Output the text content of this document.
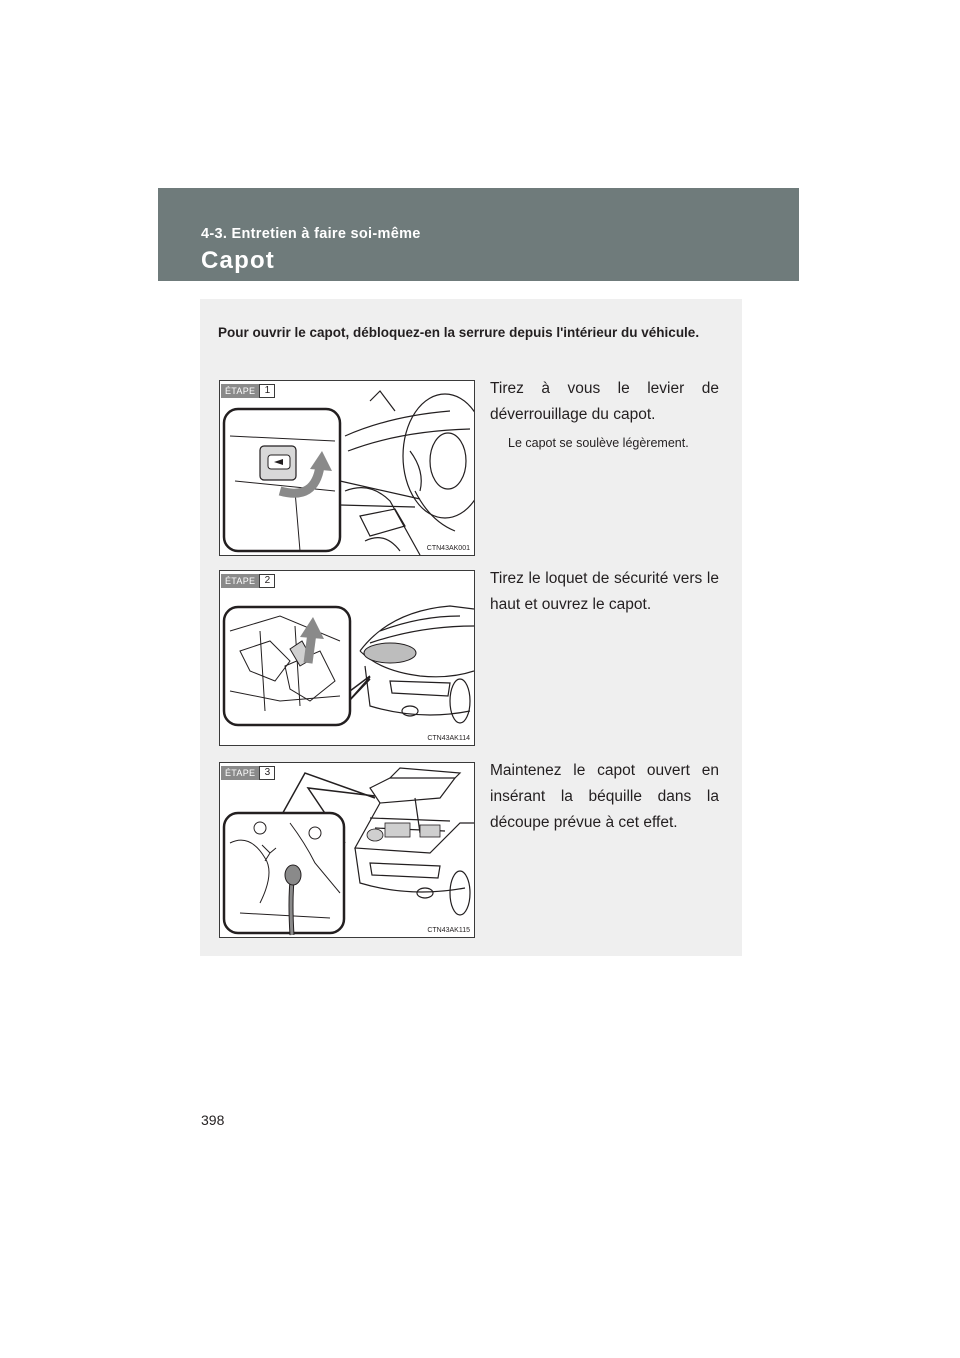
4-3. Entretien à faire soi-même
Capot
Pour ouvrir le capot, débloquez-en la serrure depuis l'intérieur du véhicule.
ÉTAPE 1
CTN43AK001
Tirez à vous le levier de déverrouillage du capot.
Le capot se soulève légèrement.
ÉTAPE 2
CTN43AK114
Tirez le loquet de sécurité vers le haut et ouvrez le capot.
ÉTAPE 3
CTN43AK115
Maintenez le capot ouvert en insérant la béquille dans la découpe prévue à cet effet.
398
